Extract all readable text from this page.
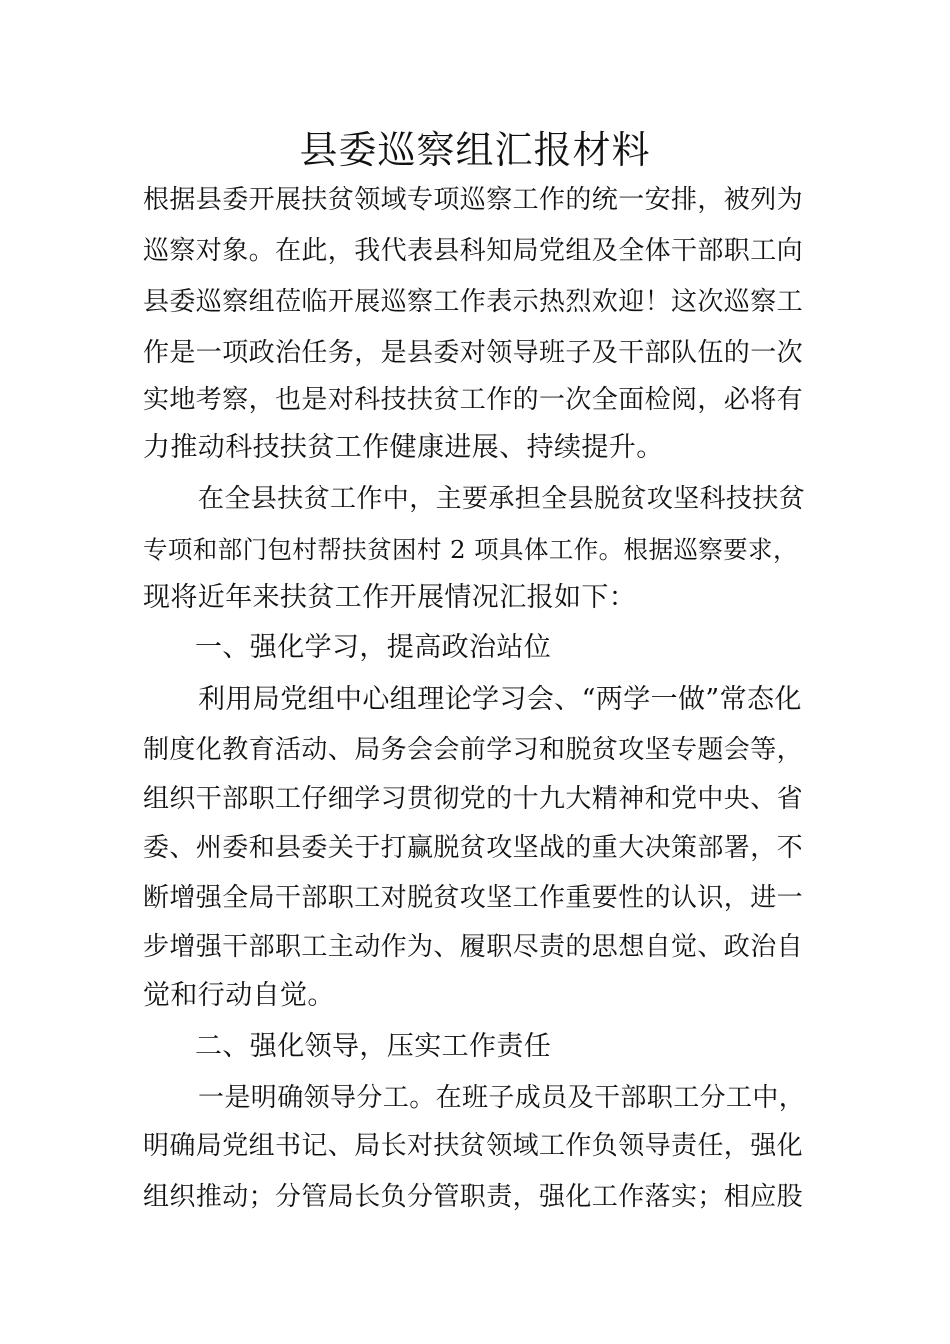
县委巡察组汇报材料
根据县委开展扶贫领域专项巡察工作的统一安排，被列为
巡察对象。在此，我代表县科知局党组及全体干部职工向
县委巡察组莅临开展巡察工作表示热烈欢迎！这次巡察工
作是一项政治任务，是县委对领导班子及干部队伍的一次
实地考察，也是对科技扶贫工作的一次全面检阅，必将有
力推动科技扶贫工作健康进展、持续提升。
在全县扶贫工作中，主要承担全县脱贫攻坚科技扶贫
专项和部门包村帮扶贫困村 2 项具体工作。根据巡察要求，
现将近年来扶贫工作开展情况汇报如下：
一、强化学习，提高政治站位
利用局党组中心组理论学习会、“两学一做”常态化
制度化教育活动、局务会会前学习和脱贫攻坚专题会等，
组织干部职工仔细学习贯彻党的十九大精神和党中央、省
委、州委和县委关于打赢脱贫攻坚战的重大决策部署，不
断增强全局干部职工对脱贫攻坚工作重要性的认识，进一
步增强干部职工主动作为、履职尽责的思想自觉、政治自
觉和行动自觉。
二、强化领导，压实工作责任
一是明确领导分工。在班子成员及干部职工分工中，
明确局党组书记、局长对扶贫领域工作负领导责任，强化
组织推动；分管局长负分管职责，强化工作落实；相应股
